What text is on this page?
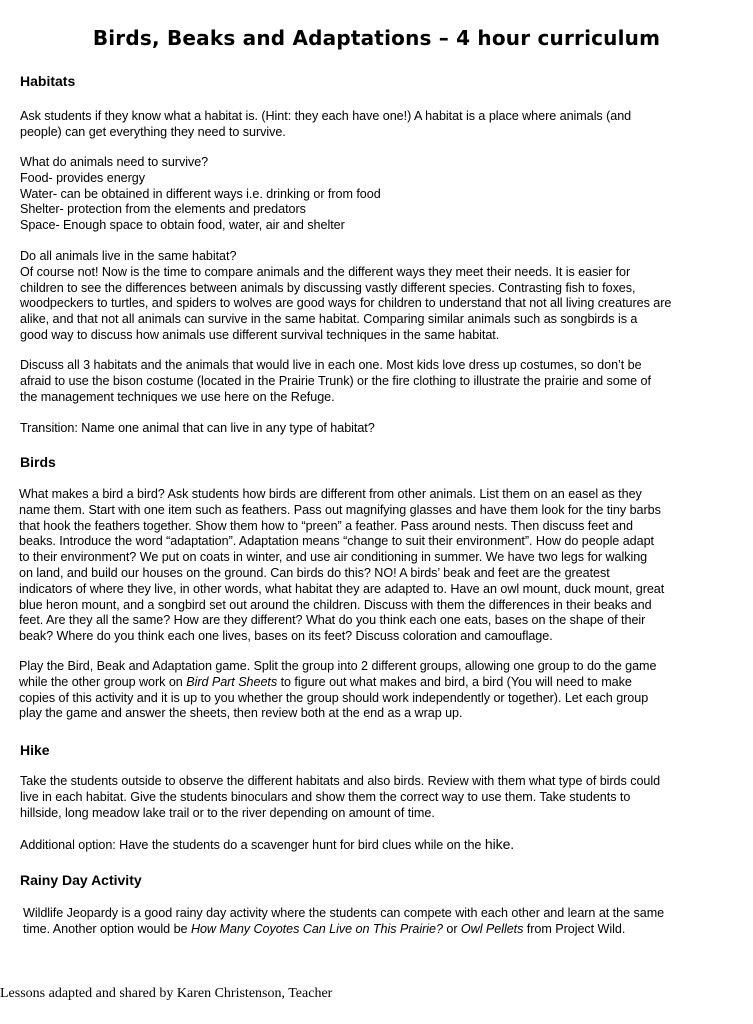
Birds, Beaks and Adaptations – 4 hour curriculum
Habitats
Ask students if they know what a habitat is. (Hint: they each have one!) A habitat is a place where animals (and
people) can get everything they need to survive.
What do animals need to survive?
Food- provides energy
Water- can be obtained in different ways i.e. drinking or from food
Shelter- protection from the elements and predators
Space- Enough space to obtain food, water, air and shelter
Do all animals live in the same habitat?
Of course not! Now is the time to compare animals and the different ways they meet their needs. It is easier for
children to see the differences between animals by discussing vastly different species. Contrasting fish to foxes,
woodpeckers to turtles, and spiders to wolves are good ways for children to understand that not all living creatures are
alike, and that not all animals can survive in the same habitat. Comparing similar animals such as songbirds is a
good way to discuss how animals use different survival techniques in the same habitat.
Discuss all 3 habitats and the animals that would live in each one. Most kids love dress up costumes, so don’t be
afraid to use the bison costume (located in the Prairie Trunk) or the fire clothing to illustrate the prairie and some of
the management techniques we use here on the Refuge.
Transition: Name one animal that can live in any type of habitat?
Birds
What makes a bird a bird? Ask students how birds are different from other animals. List them on an easel as they
name them. Start with one item such as feathers. Pass out magnifying glasses and have them look for the tiny barbs
that hook the feathers together. Show them how to “preen” a feather. Pass around nests. Then discuss feet and
beaks. Introduce the word “adaptation”. Adaptation means “change to suit their environment”. How do people adapt
to their environment? We put on coats in winter, and use air conditioning in summer. We have two legs for walking
on land, and build our houses on the ground. Can birds do this? NO! A birds’ beak and feet are the greatest
indicators of where they live, in other words, what habitat they are adapted to. Have an owl mount, duck mount, great
blue heron mount, and a songbird set out around the children. Discuss with them the differences in their beaks and
feet. Are they all the same? How are they different? What do you think each one eats, bases on the shape of their
beak? Where do you think each one lives, bases on its feet? Discuss coloration and camouflage.
Play the Bird, Beak and Adaptation game. Split the group into 2 different groups, allowing one group to do the game
while the other group work on Bird Part Sheets to figure out what makes and bird, a bird (You will need to make
copies of this activity and it is up to you whether the group should work independently or together). Let each group
play the game and answer the sheets, then review both at the end as a wrap up.
Hike
Take the students outside to observe the different habitats and also birds. Review with them what type of birds could
live in each habitat. Give the students binoculars and show them the correct way to use them. Take students to
hillside, long meadow lake trail or to the river depending on amount of time.
Additional option: Have the students do a scavenger hunt for bird clues while on the hike.
Rainy Day Activity
Wildlife Jeopardy is a good rainy day activity where the students can compete with each other and learn at the same
time. Another option would be How Many Coyotes Can Live on This Prairie? or Owl Pellets from Project Wild.
Lessons adapted and shared by Karen Christenson, Teacher
